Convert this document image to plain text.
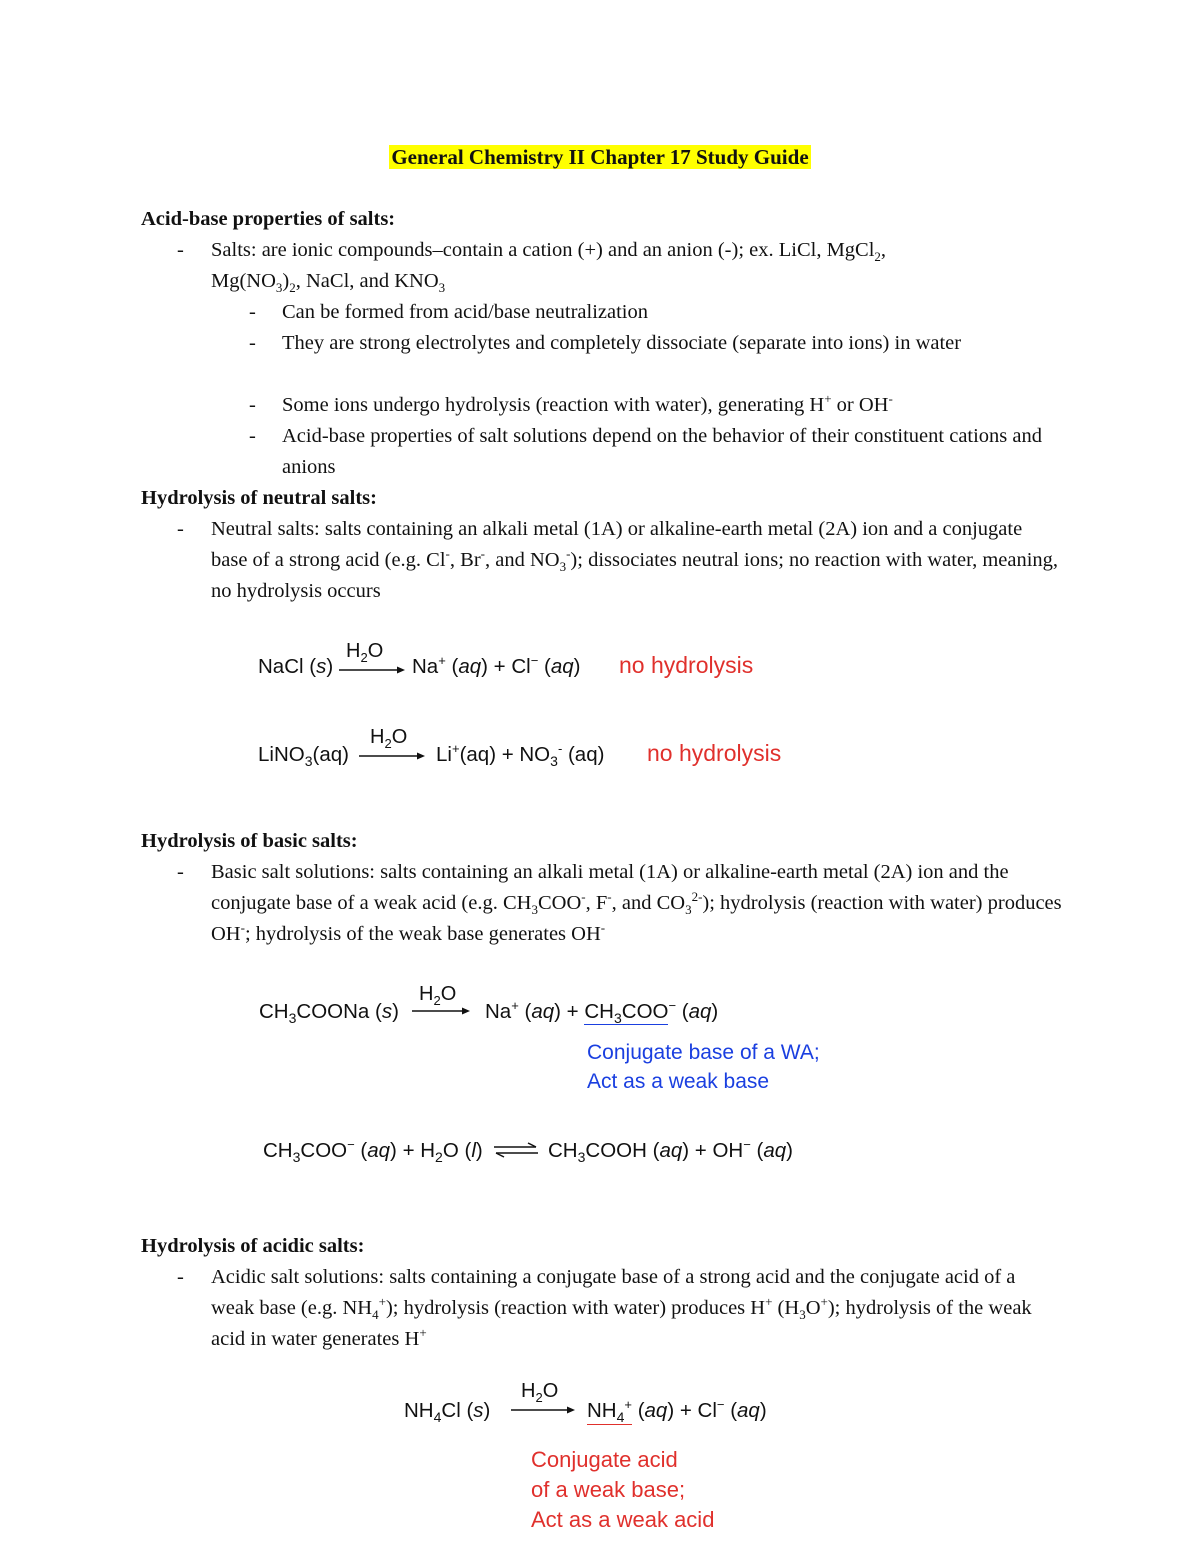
General Chemistry II Chapter 17 Study Guide
Acid-base properties of salts:
- Salts: are ionic compounds–contain a cation (+) and an anion (-); ex. LiCl, MgCl$_2$,
$Mg(NO_3)_2$, NaCl, and $KNO_3$
- Can be formed from acid/base neutralization
- They are strong electrolytes and completely dissociate (separate into ions) in water
- Some ions undergo hydrolysis (reaction with water), generating H+ or OH-
- Acid-base properties of salt solutions depend on the behavior of their constituent cations and anions
Hydrolysis of neutral salts:
- Neutral salts: salts containing an alkali metal (1A) or alkaline-earth metal (2A) ion and a conjugate base of a strong acid (e.g. Cl-, Br-, and $NO_3^-$); dissociates neutral ions; no reaction with water, meaning, no hydrolysis occurs
$H_2O$
NaCl (s)	Na+ (aq) + Cl− (aq) no hydrolysis
$H_2O$
LiNO$_3$(aq)	$Li^+(aq) + NO_3^-$ (aq) no hydrolysis
Hydrolysis of basic salts:
- Basic salt solutions: salts containing an alkali metal (1A) or alkaline-earth metal (2A) ion and the conjugate base of a weak acid (e.g. $CH_3COO^-$, F-, and $CO_3^{2-}$); hydrolysis (reaction with water) produces OH-; hydrolysis of the weak base generates OH-
$H_2O$
$CH_3COONa$ (s) → Na+ $(aq) + CH_3COO^-$ (aq)
Conjugate base of a WA;
Act as a weak base
$CH_3COO^-$ $(aq) + H_2O$ (l) ⇌ $CH_3COOH$ (aq) + OH− (aq)
Hydrolysis of acidic salts:
- Acidic salt solutions: salts containing a conjugate base of a strong acid and the conjugate acid of a weak base (e.g. $NH_4^+$); hydrolysis (reaction with water) produces H+ $(H_3O^+)$; hydrolysis of the weak acid in water generates H+
$H_2O$
$NH_4Cl$ $(s) \to NH_4^+$ (aq) + Cl− (aq)
Conjugate acid
of a weak base;
Act as a weak acid
